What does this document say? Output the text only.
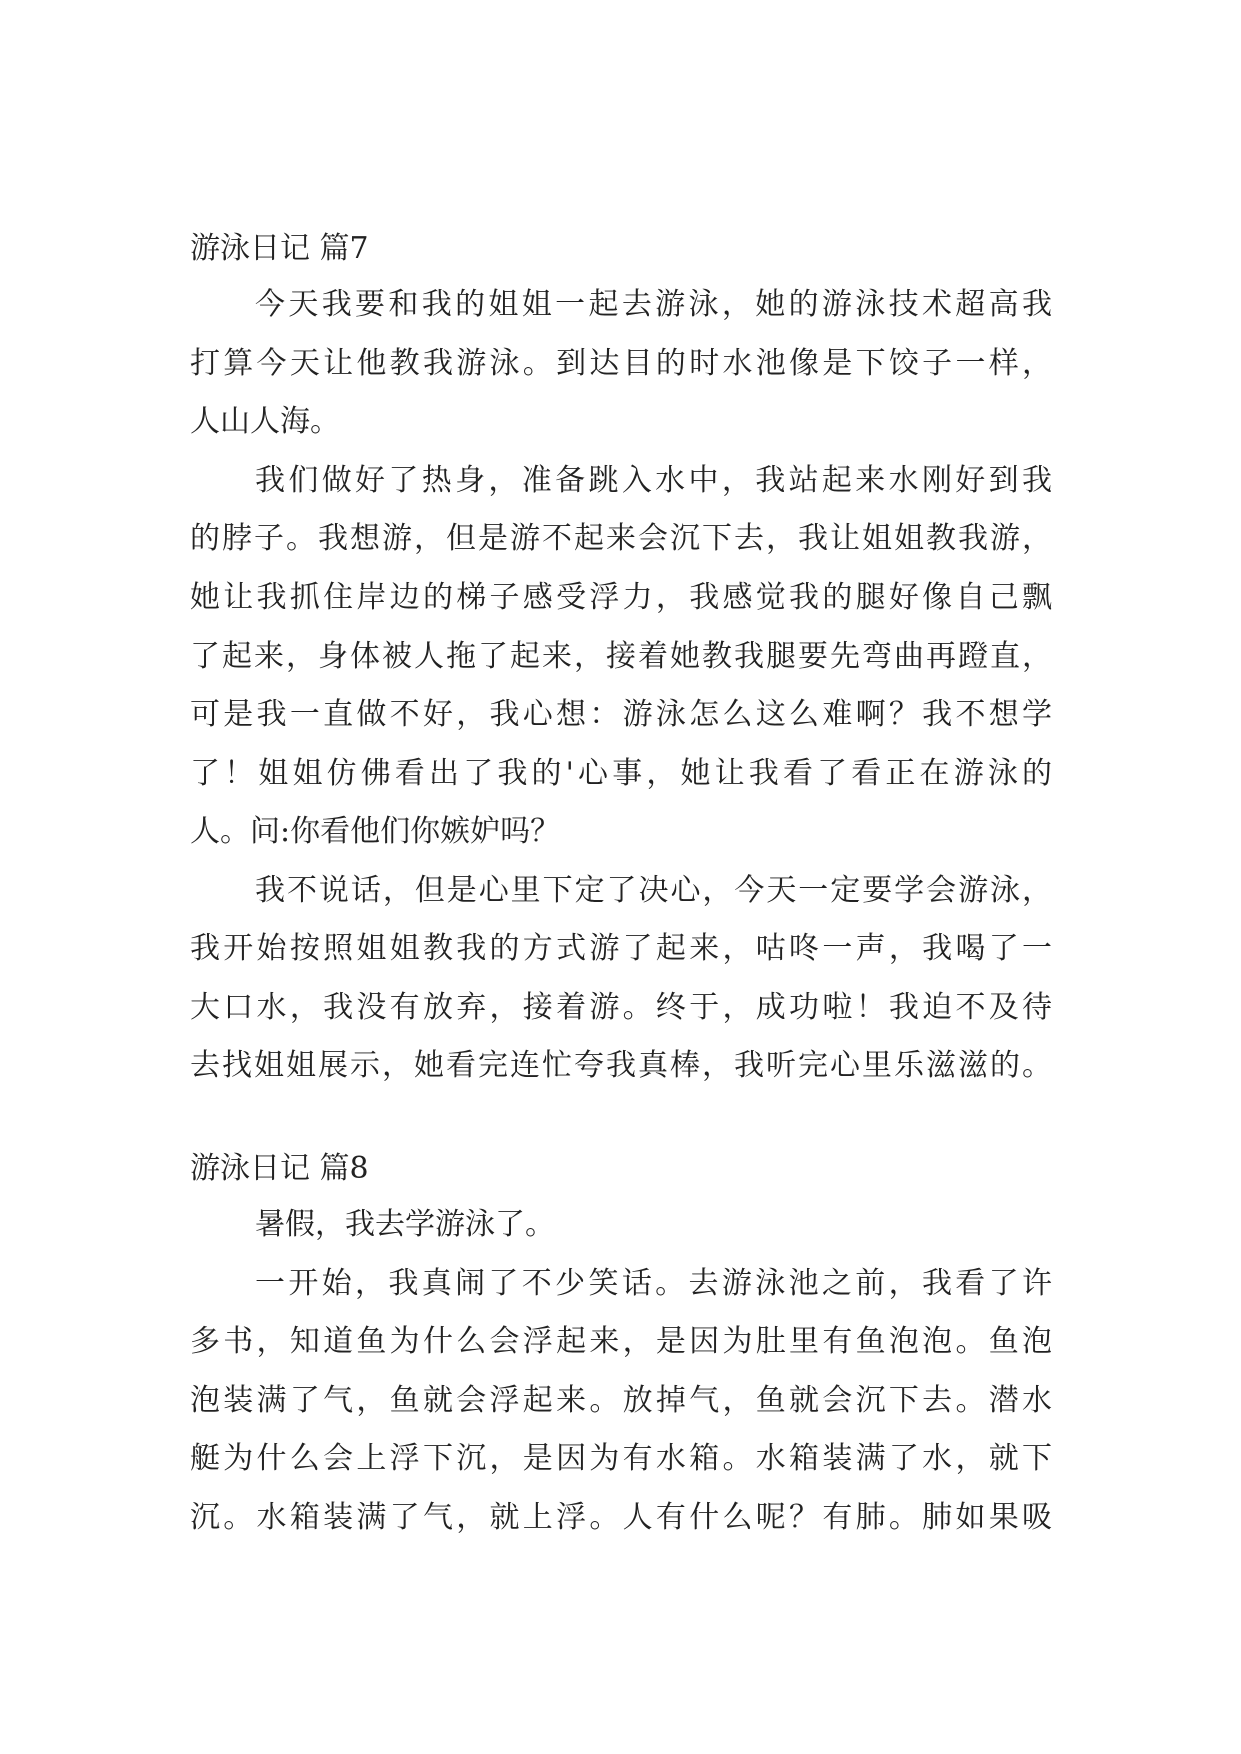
游泳日记 篇7
今天我要和我的姐姐一起去游泳，她的游泳技术超高我
打算今天让他教我游泳。到达目的时水池像是下饺子一样，
人山人海。
我们做好了热身，准备跳入水中，我站起来水刚好到我
的脖子。我想游，但是游不起来会沉下去，我让姐姐教我游，
她让我抓住岸边的梯子感受浮力，我感觉我的腿好像自己飘
了起来，身体被人拖了起来，接着她教我腿要先弯曲再蹬直，
可是我一直做不好，我心想：游泳怎么这么难啊？我不想学
了！姐姐仿佛看出了我的'心事，她让我看了看正在游泳的
人。问:你看他们你嫉妒吗？
我不说话，但是心里下定了决心，今天一定要学会游泳，
我开始按照姐姐教我的方式游了起来，咕咚一声，我喝了一
大口水，我没有放弃，接着游。终于，成功啦！我迫不及待
去找姐姐展示，她看完连忙夸我真棒，我听完心里乐滋滋的。
游泳日记 篇8
暑假，我去学游泳了。
一开始，我真闹了不少笑话。去游泳池之前，我看了许
多书，知道鱼为什么会浮起来，是因为肚里有鱼泡泡。鱼泡
泡装满了气，鱼就会浮起来。放掉气，鱼就会沉下去。潜水
艇为什么会上浮下沉，是因为有水箱。水箱装满了水，就下
沉。水箱装满了气，就上浮。人有什么呢？有肺。肺如果吸
